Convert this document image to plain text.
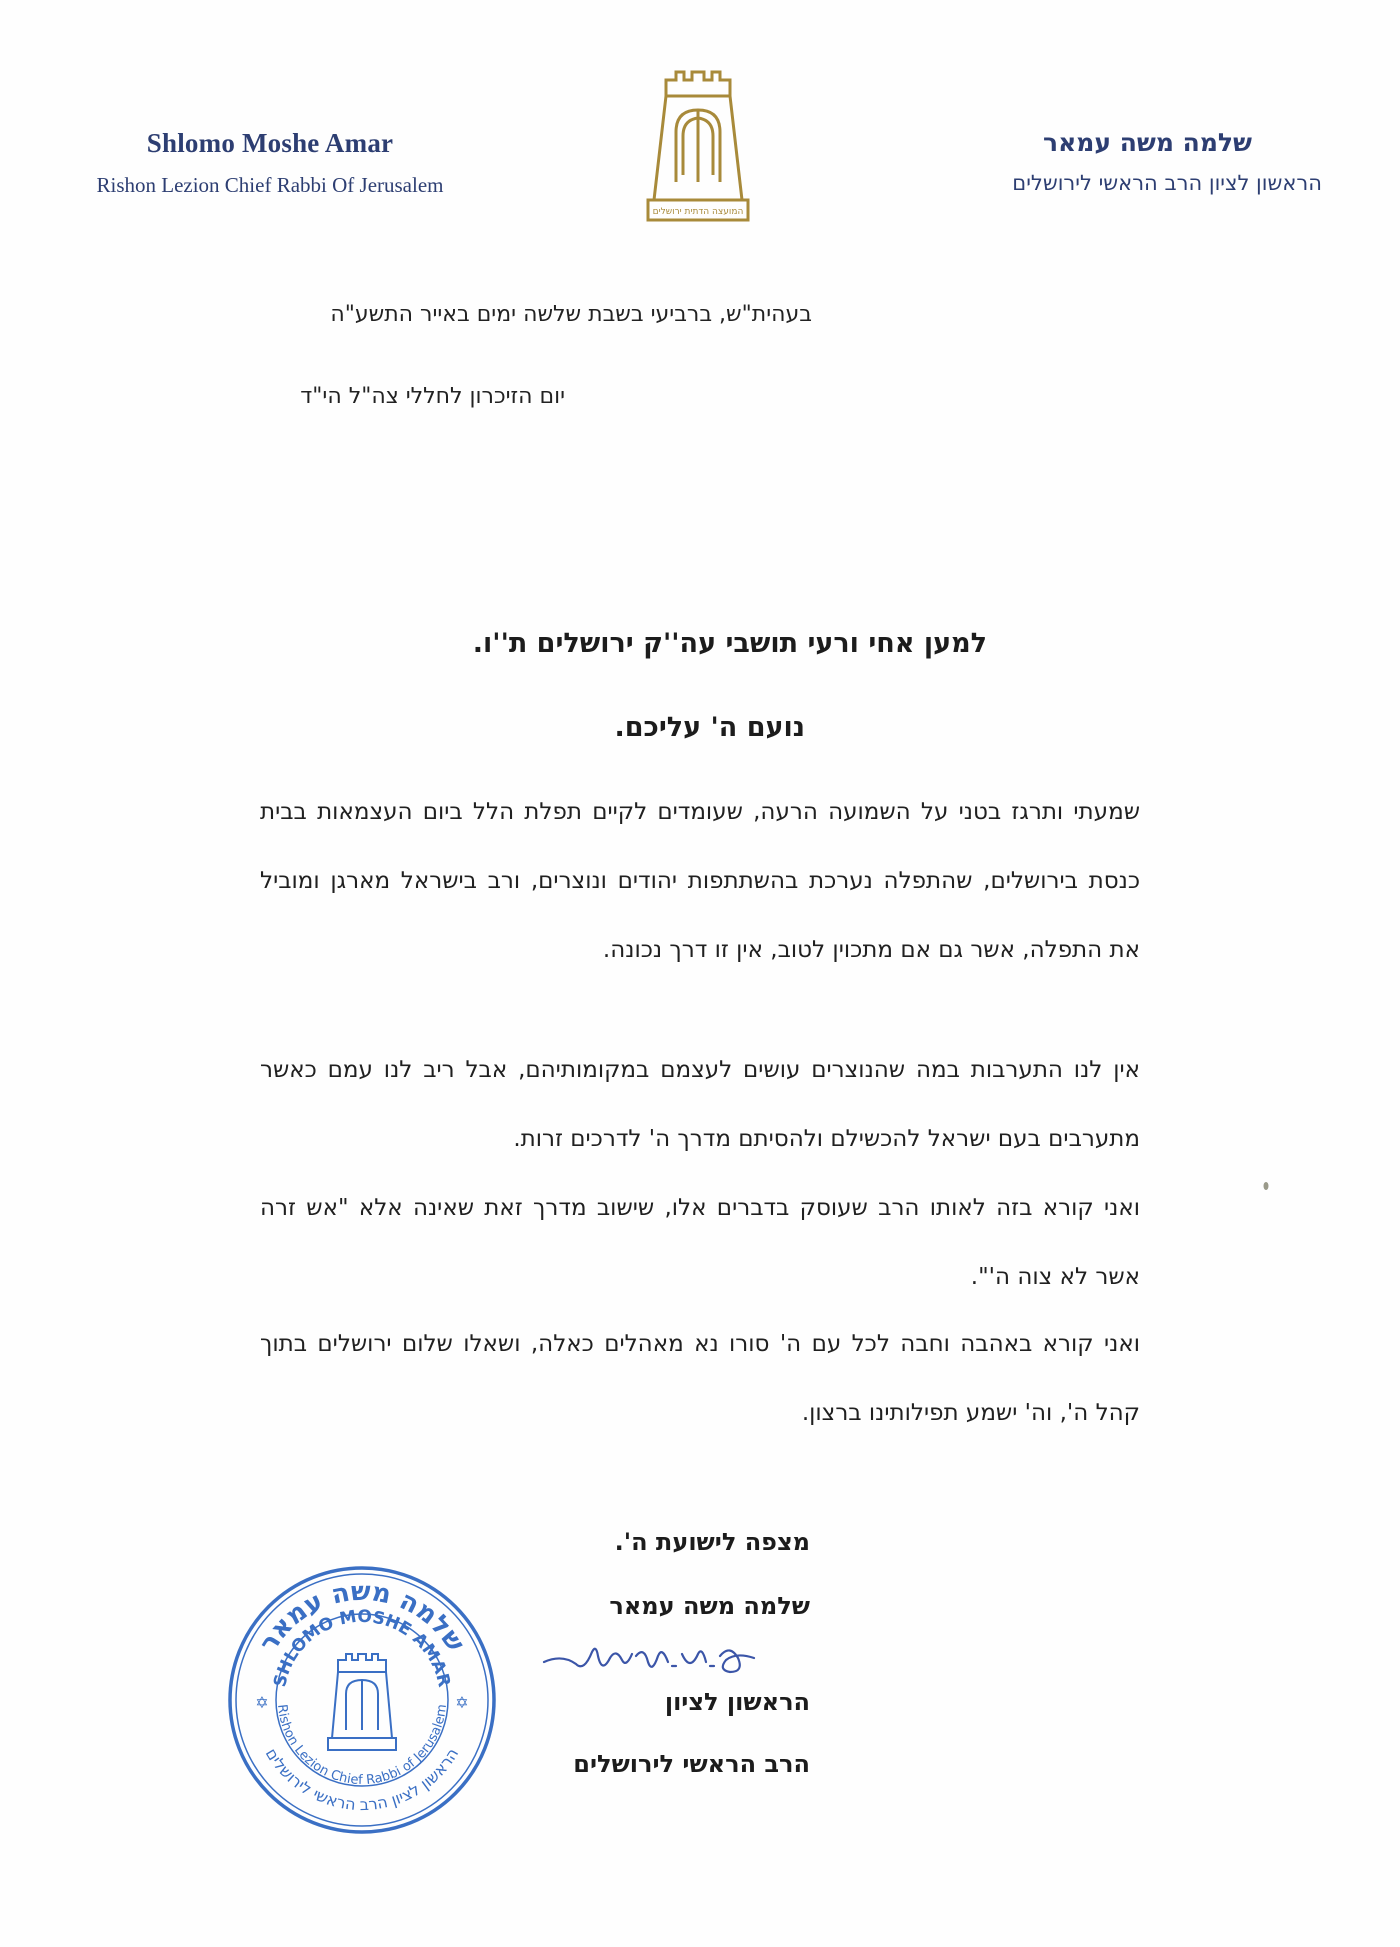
Shlomo Moshe Amar
Rishon Lezion Chief Rabbi Of Jerusalem
המועצה הדתית ירושלים
שלמה משה עמאר
הראשון לציון הרב הראשי לירושלים
בעהית"ש, ברביעי בשבת שלשה ימים באייר התשע"ה
יום הזיכרון לחללי צה"ל הי"ד
למען אחי ורעי תושבי עה''ק ירושלים ת''ו.
נועם ה' עליכם.
שמעתי ותרגז בטני על השמועה הרעה, שעומדים לקיים תפלת הלל ביום העצמאות בבית כנסת בירושלים, שהתפלה נערכת בהשתתפות יהודים ונוצרים, ורב בישראל מארגן ומוביל את התפלה, אשר גם אם מתכוין לטוב, אין זו דרך נכונה.
אין לנו התערבות במה שהנוצרים עושים לעצמם במקומותיהם, אבל ריב לנו עמם כאשר מתערבים בעם ישראל להכשילם ולהסיתם מדרך ה' לדרכים זרות.
ואני קורא בזה לאותו הרב שעוסק בדברים אלו, שישוב מדרך זאת שאינה אלא "אש זרה אשר לא צוה ה'".
ואני קורא באהבה וחבה לכל עם ה' סורו נא מאהלים כאלה, ושאלו שלום ירושלים בתוך קהל ה', וה' ישמע תפילותינו ברצון.
מצפה לישועת ה'.
שלמה משה עמאר
הראשון לציון
הרב הראשי לירושלים
שלמה משה עמאר
SHLOMO MOSHE AMAR
Rishon Lezion Chief Rabbi of Jerusalem
הראשון לציון הרב הראשי לירושלים
✡	✡
